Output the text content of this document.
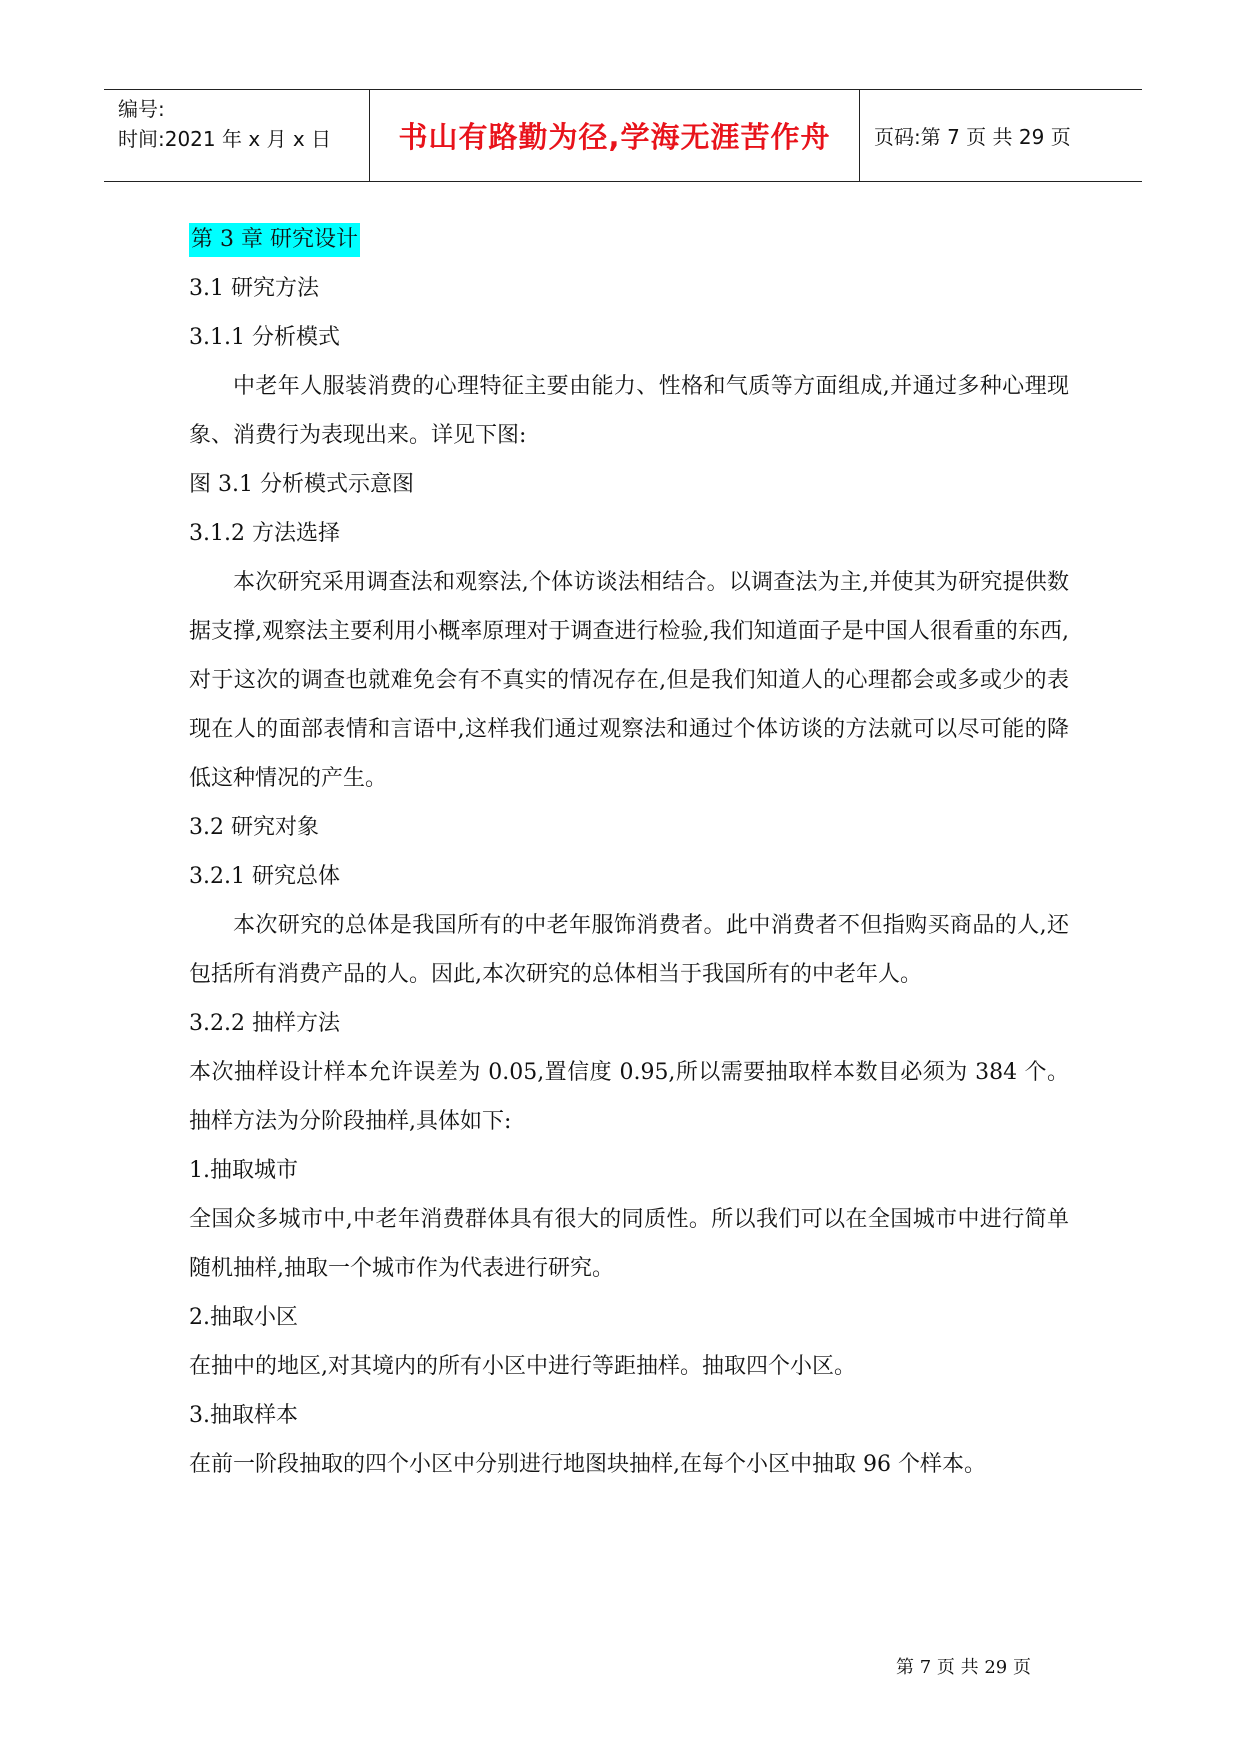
编号:
时间:2021 年 x 月 x 日	书山有路勤为径,学海无涯苦作舟	页码:第 7 页 共 29 页
第 3 章 研究设计
3.1 研究方法
3.1.1 分析模式
中老年人服装消费的心理特征主要由能力、性格和气质等方面组成,并通过多种心理现象、消费行为表现出来。详见下图:
图 3.1 分析模式示意图
3.1.2 方法选择
本次研究采用调查法和观察法,个体访谈法相结合。以调查法为主,并使其为研究提供数据支撑,观察法主要利用小概率原理对于调查进行检验,我们知道面子是中国人很看重的东西,对于这次的调查也就难免会有不真实的情况存在,但是我们知道人的心理都会或多或少的表现在人的面部表情和言语中,这样我们通过观察法和通过个体访谈的方法就可以尽可能的降低这种情况的产生。
3.2 研究对象
3.2.1 研究总体
本次研究的总体是我国所有的中老年服饰消费者。此中消费者不但指购买商品的人,还包括所有消费产品的人。因此,本次研究的总体相当于我国所有的中老年人。
3.2.2 抽样方法
本次抽样设计样本允许误差为 0.05,置信度 0.95,所以需要抽取样本数目必须为 384 个。抽样方法为分阶段抽样,具体如下:
1.抽取城市
全国众多城市中,中老年消费群体具有很大的同质性。所以我们可以在全国城市中进行简单随机抽样,抽取一个城市作为代表进行研究。
2.抽取小区
在抽中的地区,对其境内的所有小区中进行等距抽样。抽取四个小区。
3.抽取样本
在前一阶段抽取的四个小区中分别进行地图块抽样,在每个小区中抽取 96 个样本。
第 7 页 共 29 页
